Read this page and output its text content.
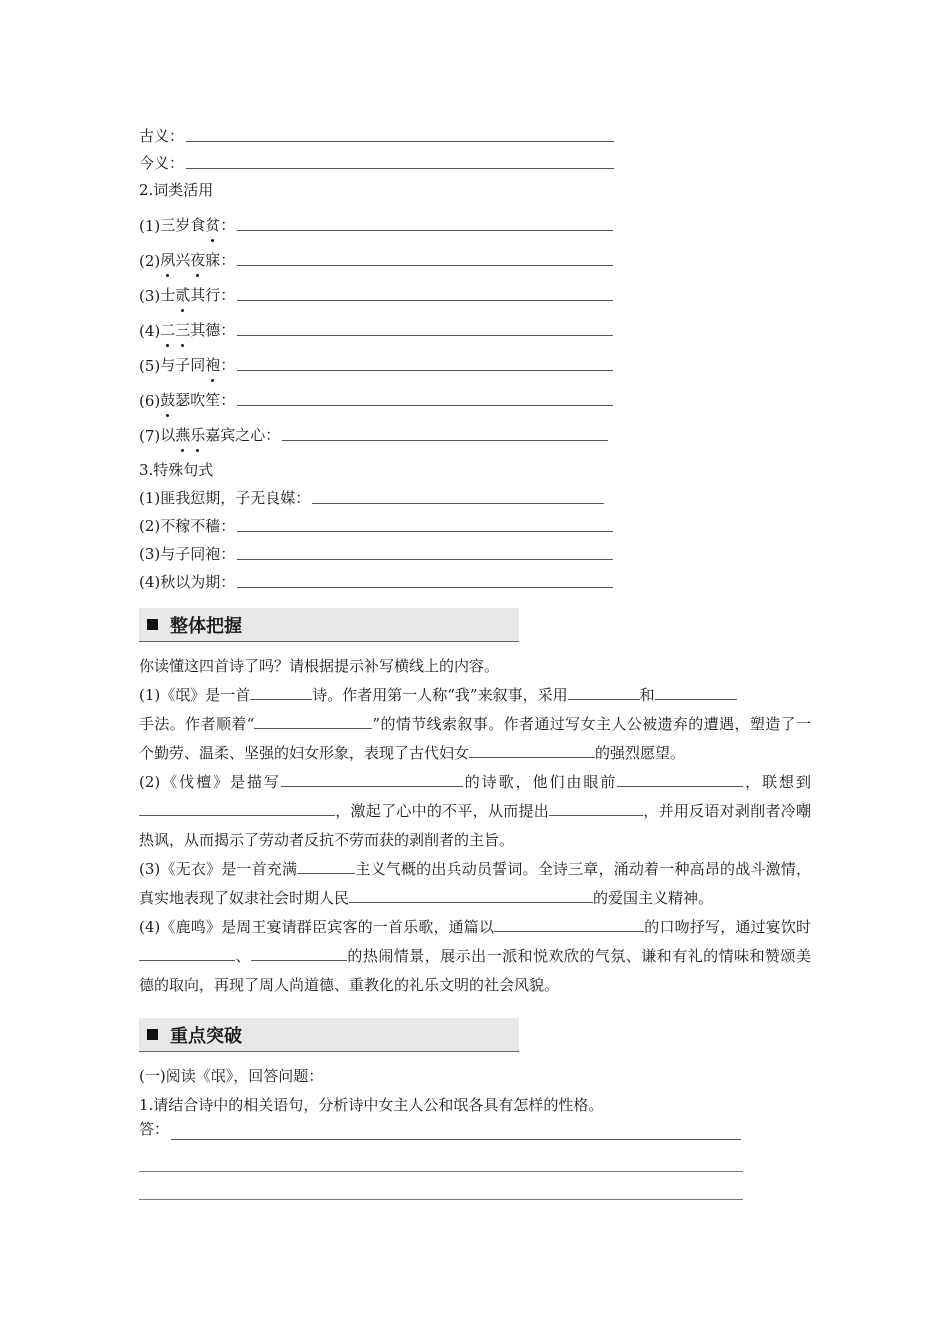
古义：
今义：
2.词类活用
(1) 三岁食 贫 ：
(2) 夙 兴 夜 寐：
(3) 士 贰 其行：
(4) 二 三 其德：
(5) 与子同 袍 ：
(6) 鼓 瑟吹笙：
(7) 以 燕 乐 嘉宾之心：
3.特殊句式
(1)匪我愆期，子无良媒：
(2)不稼不穑：
(3)与子同袍：
(4)秋以为期：
整体把握
你读懂这四首诗了吗？请根据提示补写横线上的内容。
(1)《氓》是一首	诗。作者用第一人称“我”来叙事，采用	和
手法。作者顺着“	”的情节线索叙事。作者通过写女主人公被遗弃的遭遇，塑造了一个勤劳、温柔、坚强的妇女形象，表现了古代妇女	的强烈愿望。
(2)《伐檀》是描写	的诗歌，他们由眼前	，联想到，激起了心中的不平，从而提出	，并用反语对剥削者冷嘲热讽，从而揭示了劳动者反抗不劳而获的剥削者的主旨。
(3)《无衣》是一首充满	主义气概的出兵动员誓词。全诗三章，涌动着一种高昂的战斗激情，真实地表现了奴隶社会时期人民	的爱国主义精神。
(4)《鹿鸣》是周王宴请群臣宾客的一首乐歌，通篇以	的口吻抒写，通过宴饮时、	的热闹情景，展示出一派和悦欢欣的气氛、谦和有礼的情味和赞颂美德的取向，再现了周人尚道德、重教化的礼乐文明的社会风貌。
重点突破
(一)阅读《氓》，回答问题：
1.请结合诗中的相关语句，分析诗中女主人公和氓各具有怎样的性格。
答：
